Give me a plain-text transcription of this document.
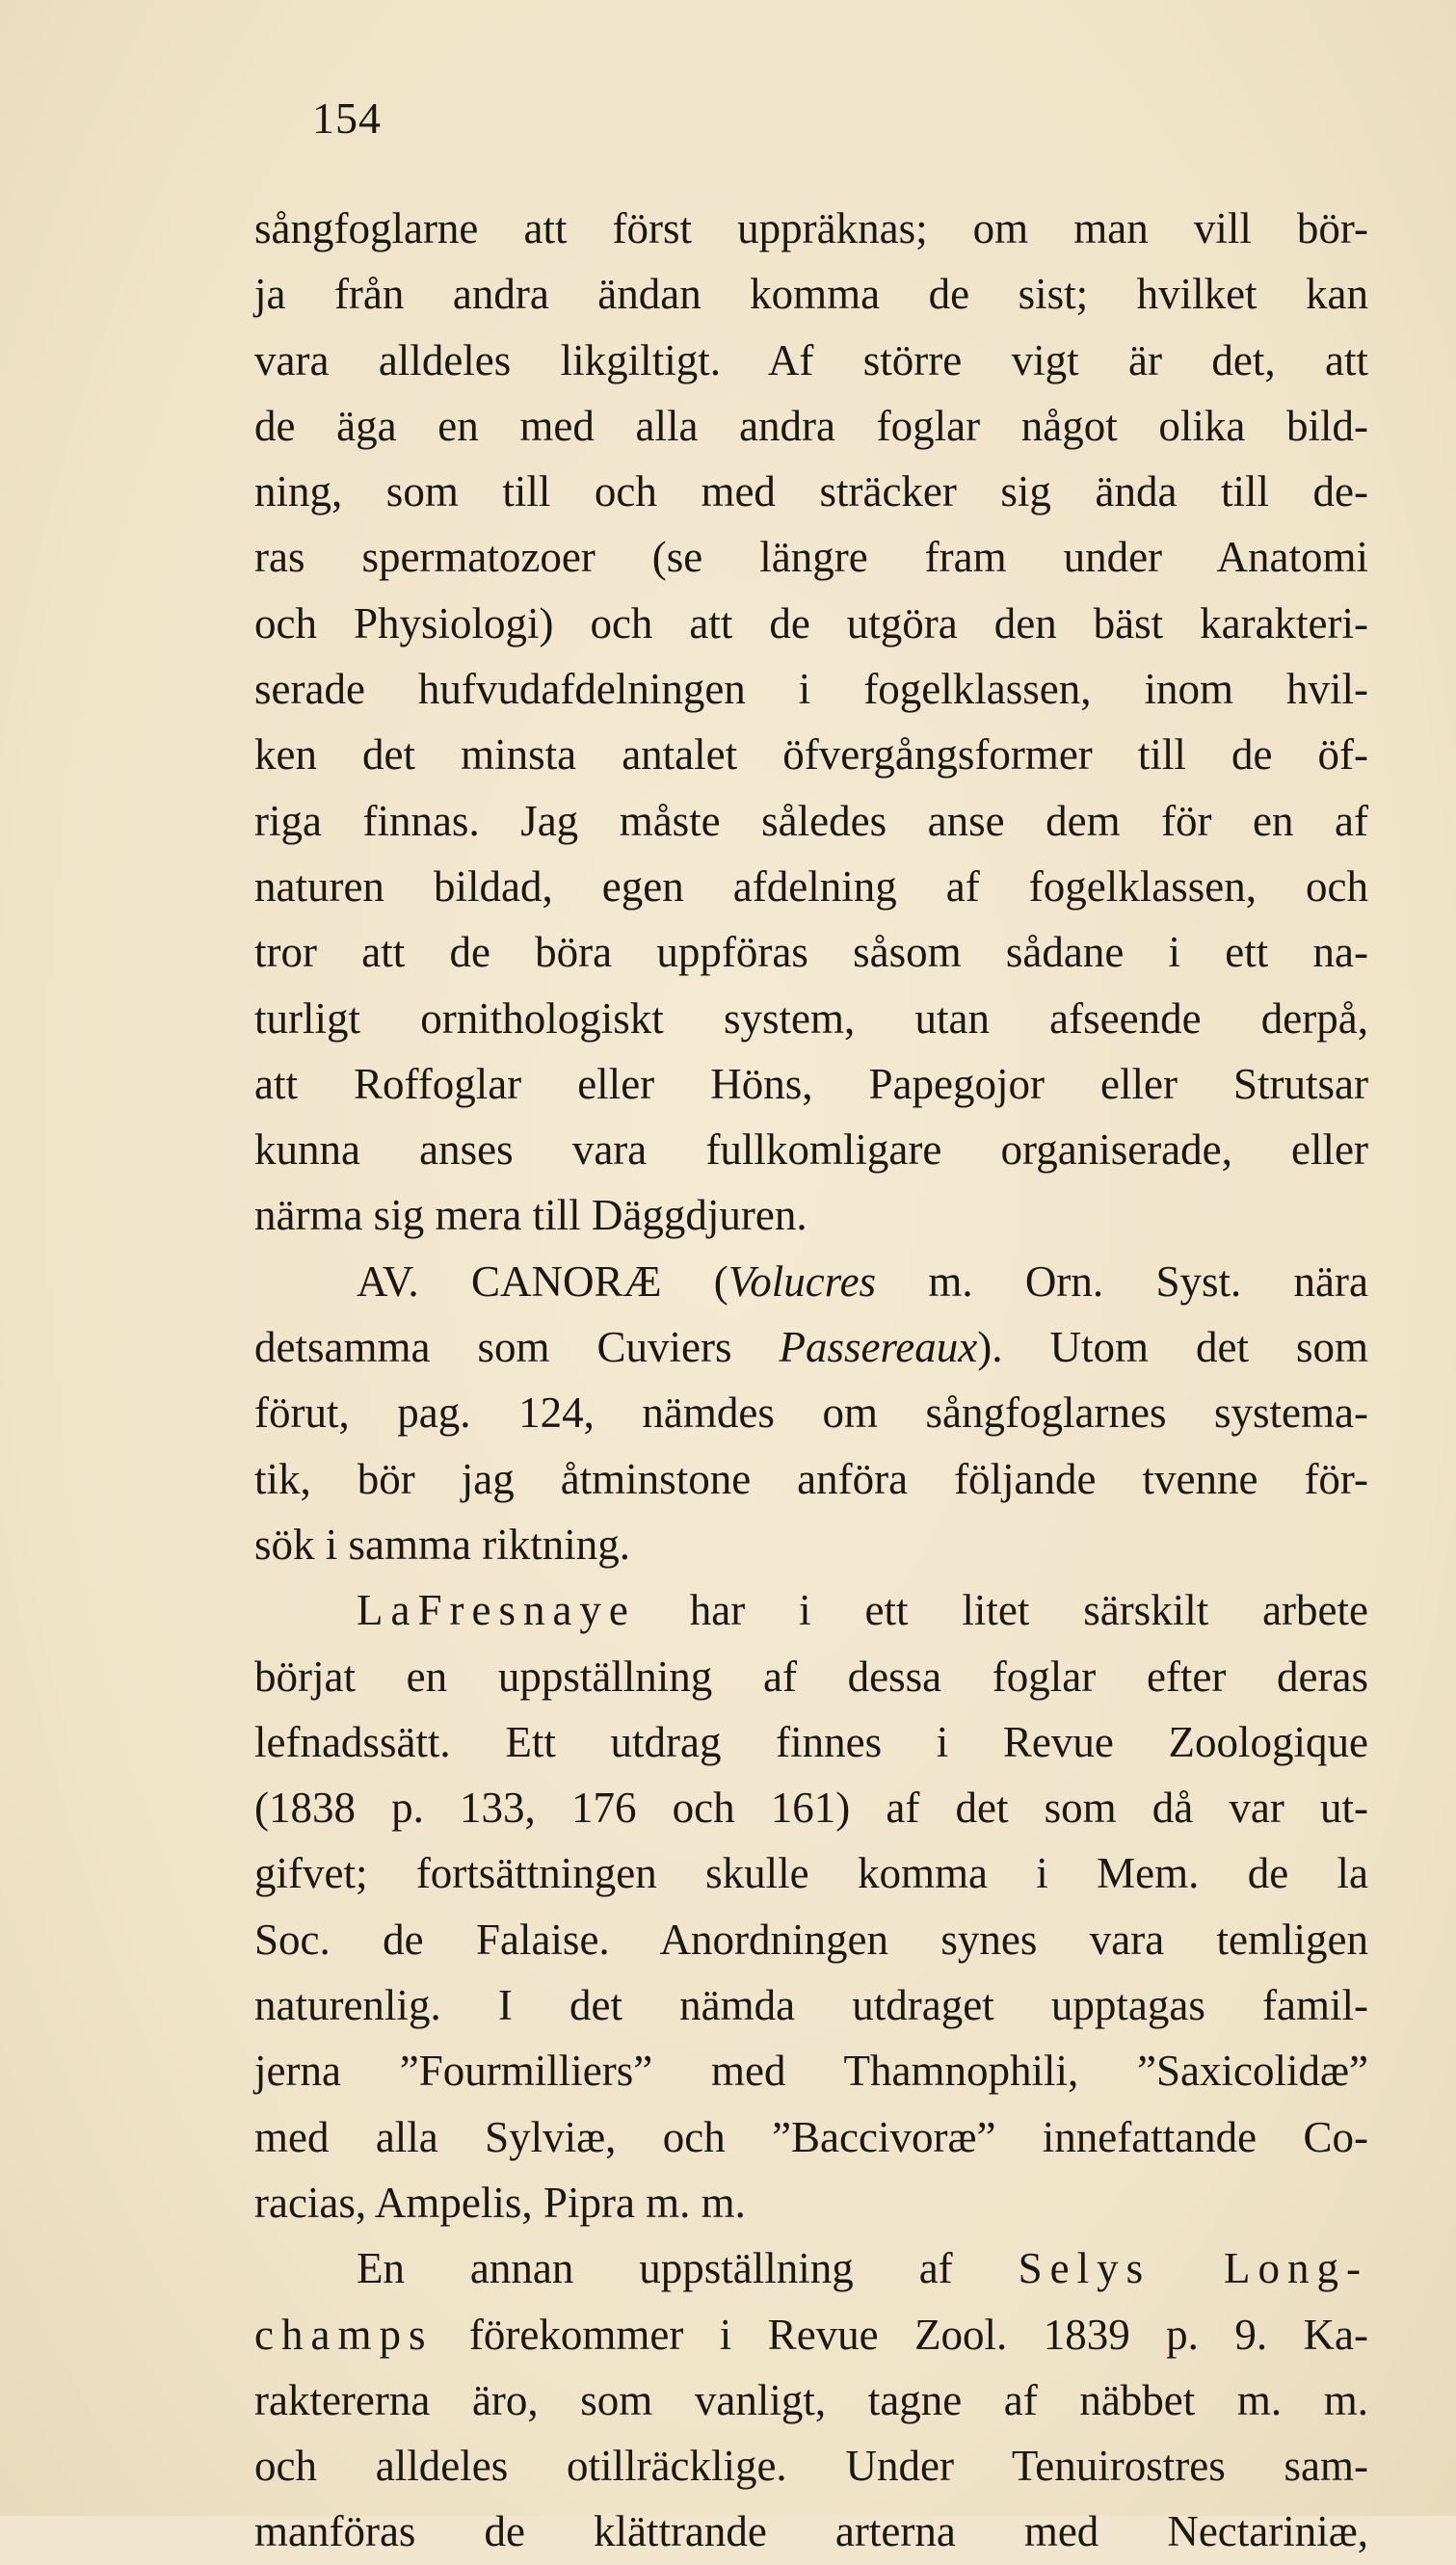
154
sångfoglarne att först uppräknas; om man vill bör-
ja från andra ändan komma de sist; hvilket kan
vara alldeles likgiltigt. Af större vigt är det, att
de äga en med alla andra foglar något olika bild-
ning, som till och med sträcker sig ända till de-
ras spermatozoer (se längre fram under Anatomi
och Physiologi) och att de utgöra den bäst karakteri-
serade hufvudafdelningen i fogelklassen, inom hvil-
ken det minsta antalet öfvergångsformer till de öf-
riga finnas. Jag måste således anse dem för en af
naturen bildad, egen afdelning af fogelklassen, och
tror att de böra uppföras såsom sådane i ett na-
turligt ornithologiskt system, utan afseende derpå,
att Roffoglar eller Höns, Papegojor eller Strutsar
kunna anses vara fullkomligare organiserade, eller
närma sig mera till Däggdjuren.
AV. CANORÆ (Volucres m. Orn. Syst. nära
detsamma som Cuviers Passereaux). Utom det som
förut, pag. 124, nämdes om sångfoglarnes systema-
tik, bör jag åtminstone anföra följande tvenne för-
sök i samma riktning.
LaFresnaye har i ett litet särskilt arbete
börjat en uppställning af dessa foglar efter deras
lefnadssätt. Ett utdrag finnes i Revue Zoologique
(1838 p. 133, 176 och 161) af det som då var ut-
gifvet; fortsättningen skulle komma i Mem. de la
Soc. de Falaise. Anordningen synes vara temligen
naturenlig. I det nämda utdraget upptagas famil-
jerna ”Fourmilliers” med Thamnophili, ”Saxicolidæ”
med alla Sylviæ, och ”Baccivoræ” innefattande Co-
racias, Ampelis, Pipra m. m.
En annan uppställning af Selys Long-
champs förekommer i Revue Zool. 1839 p. 9. Ka-
raktererna äro, som vanligt, tagne af näbbet m. m.
och alldeles otillräcklige. Under Tenuirostres sam-
manföras de klättrande arterna med Nectariniæ,
